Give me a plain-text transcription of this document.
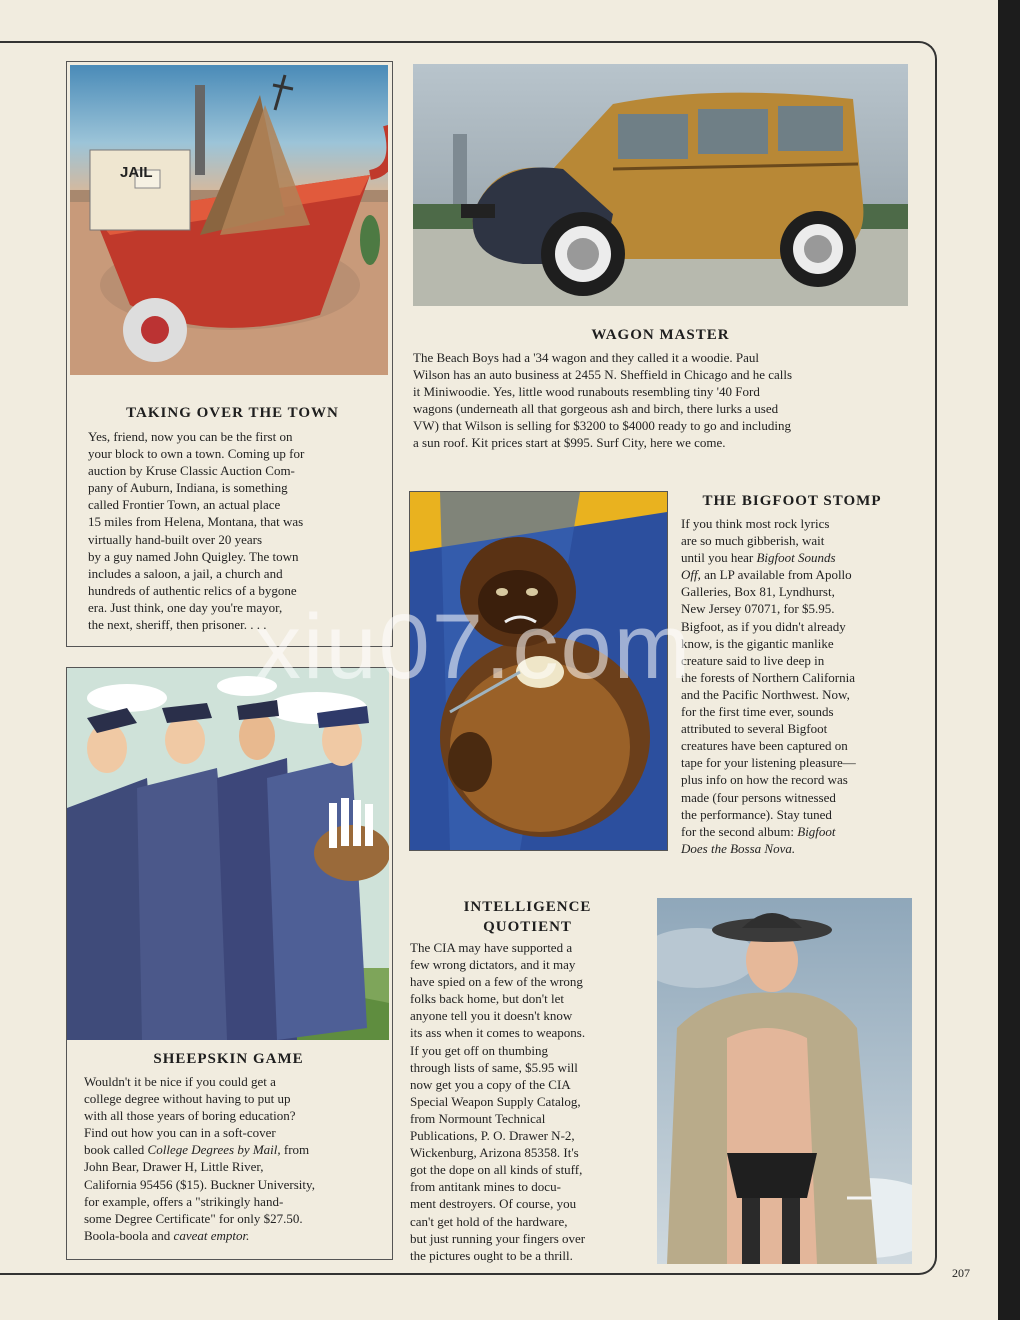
JAIL
TAKING OVER THE TOWN
Yes, friend, now you can be the first on
your block to own a town. Coming up for
auction by Kruse Classic Auction Com-
pany of Auburn, Indiana, is something
called Frontier Town, an actual place
15 miles from Helena, Montana, that was
virtually hand-built over 20 years
by a guy named John Quigley. The town
includes a saloon, a jail, a church and
hundreds of authentic relics of a bygone
era. Just think, one day you're mayor,
the next, sheriff, then prisoner. . . .
WAGON MASTER
The Beach Boys had a '34 wagon and they called it a woodie. Paul
Wilson has an auto business at 2455 N. Sheffield in Chicago and he calls
it Miniwoodie. Yes, little wood runabouts resembling tiny '40 Ford
wagons (underneath all that gorgeous ash and birch, there lurks a used
VW) that Wilson is selling for $3200 to $4000 ready to go and including
a sun roof. Kit prices start at $995. Surf City, here we come.
THE BIGFOOT STOMP
If you think most rock lyrics
are so much gibberish, wait
until you hear Bigfoot Sounds
Off, an LP available from Apollo
Galleries, Box 81, Lyndhurst,
New Jersey 07071, for $5.95.
Bigfoot, as if you didn't already
know, is the gigantic manlike
creature said to live deep in
the forests of Northern California
and the Pacific Northwest. Now,
for the first time ever, sounds
attributed to several Bigfoot
creatures have been captured on
tape for your listening pleasure—
plus info on how the record was
made (four persons witnessed
the performance). Stay tuned
for the second album: Bigfoot
Does the Bossa Nova.
SHEEPSKIN GAME
Wouldn't it be nice if you could get a
college degree without having to put up
with all those years of boring education?
Find out how you can in a soft-cover
book called College Degrees by Mail, from
John Bear, Drawer H, Little River,
California 95456 ($15). Buckner University,
for example, offers a "strikingly hand-
some Degree Certificate" for only $27.50.
Boola-boola and caveat emptor.
INTELLIGENCE
QUOTIENT
The CIA may have supported a
few wrong dictators, and it may
have spied on a few of the wrong
folks back home, but don't let
anyone tell you it doesn't know
its ass when it comes to weapons.
If you get off on thumbing
through lists of same, $5.95 will
now get you a copy of the CIA
Special Weapon Supply Catalog,
from Normount Technical
Publications, P. O. Drawer N-2,
Wickenburg, Arizona 85358. It's
got the dope on all kinds of stuff,
from antitank mines to docu-
ment destroyers. Of course, you
can't get hold of the hardware,
but just running your fingers over
the pictures ought to be a thrill.
207
xiu07.com
